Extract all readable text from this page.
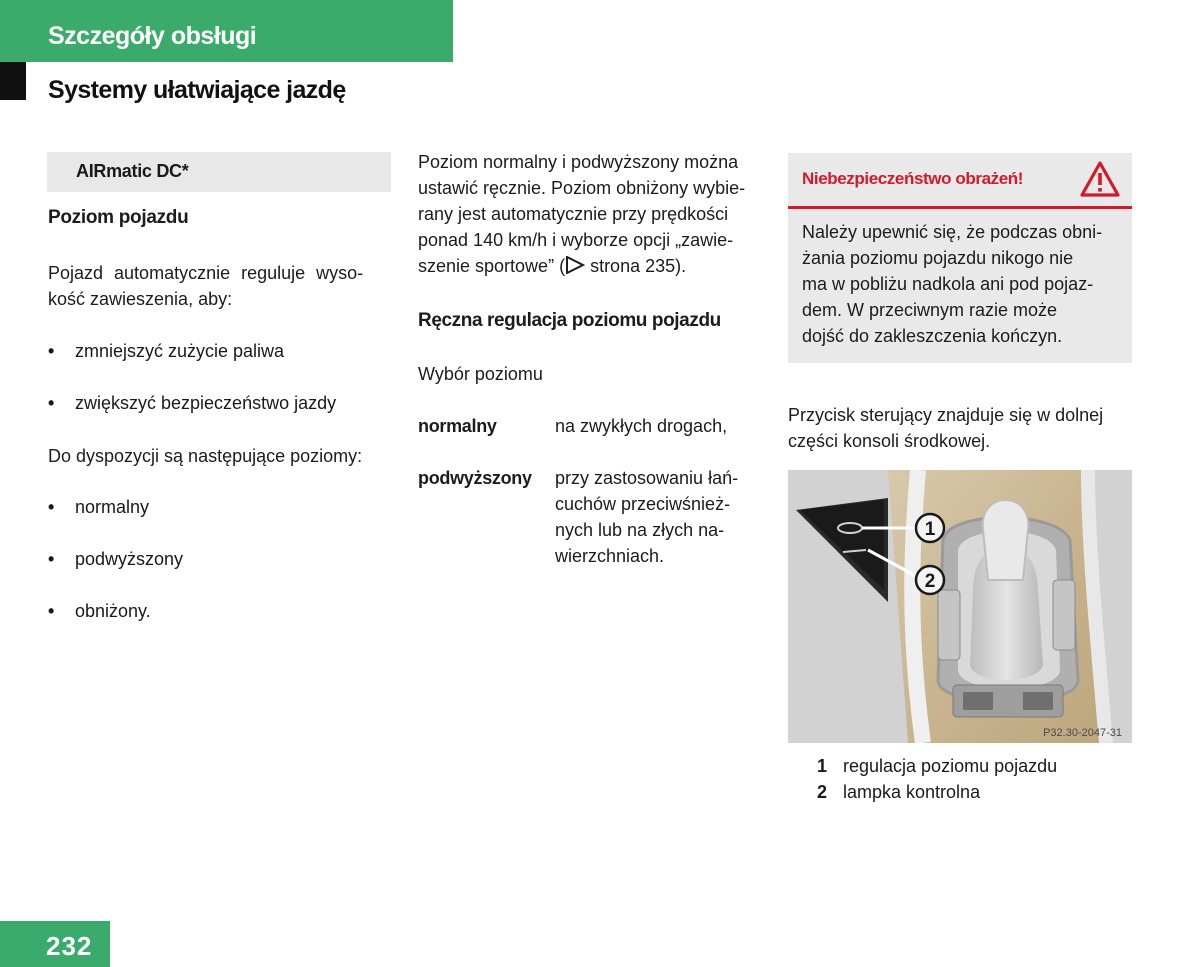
Szczegóły obsługi
Systemy ułatwiające jazdę
AIRmatic DC*
Poziom pojazdu
Pojazd automatycznie reguluje wyso-
kość zawieszenia, aby:
• zmniejszyć zużycie paliwa
• zwiększyć bezpieczeństwo jazdy
Do dyspozycji są następujące poziomy:
• normalny
• podwyższony
• obniżony.
Poziom normalny i podwyższony można
ustawić ręcznie. Poziom obniżony wybie-
rany jest automatycznie przy prędkości
ponad 140 km/h i wyborze opcji „zawie-
szenie sportowe” ( strona 235).
Ręczna regulacja poziomu pojazdu
Wybór poziomu
normalny	na zwykłych drogach,
podwyższony przy zastosowaniu łań-
cuchów przeciwśnież-
nych lub na złych na-
wierzchniach.
Niebezpieczeństwo obrażeń!
Należy upewnić się, że podczas obni-
żania poziomu pojazdu nikogo nie
ma w pobliżu nadkola ani pod pojaz-
dem. W przeciwnym razie może
dojść do zakleszczenia kończyn.
Przycisk sterujący znajduje się w dolnej
części konsoli środkowej.
1
2
P32.30-2047-31
1 regulacja poziomu pojazdu
2 lampka kontrolna
232
